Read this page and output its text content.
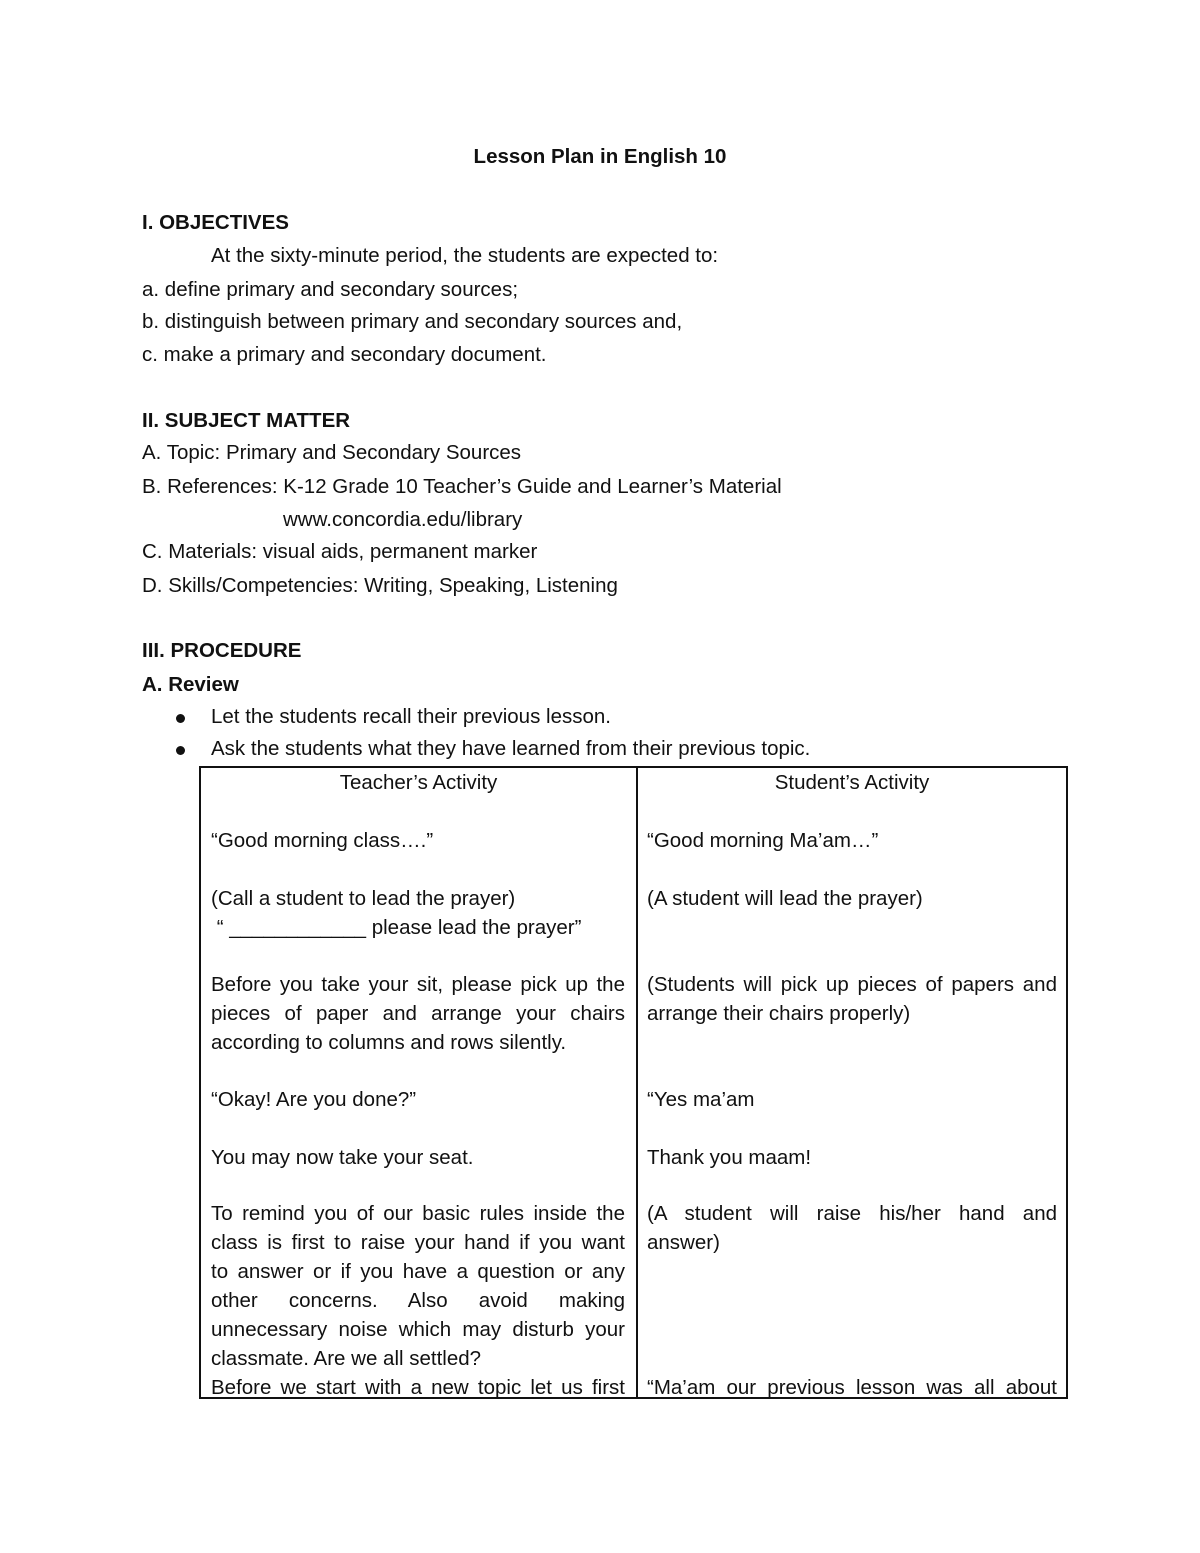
Lesson Plan in English 10
I. OBJECTIVES
At the sixty-minute period, the students are expected to:
a. define primary and secondary sources;
b. distinguish between primary and secondary sources and,
c. make a primary and secondary document.
II. SUBJECT MATTER
A. Topic: Primary and Secondary Sources
B. References: K-12 Grade 10 Teacher’s Guide and Learner’s Material
www.concordia.edu/library
C. Materials: visual aids, permanent marker
D. Skills/Competencies: Writing, Speaking, Listening
III. PROCEDURE
A. Review
Let the students recall their previous lesson.
Ask the students what they have learned from their previous topic.
Teacher’s Activity	Student’s Activity
“Good morning class….”
(Call a student to lead the prayer)
“ ____________ please lead the prayer”
Before you take your sit, please pick up the
pieces of paper and arrange your chairs
according to columns and rows silently.
“Okay! Are you done?”
You may now take your seat.
To remind you of our basic rules inside the
class is first to raise your hand if you want
to answer or if you have a question or any
other concerns. Also avoid making
unnecessary noise which may disturb your
classmate. Are we all settled?
Before we start with a new topic let us first
“Good morning Ma’am…”
(A student will lead the prayer)
(Students will pick up pieces of papers and
arrange their chairs properly)
“Yes ma’am
Thank you maam!
(A student will raise his/her hand and
answer)
“Ma’am our previous lesson was all about
